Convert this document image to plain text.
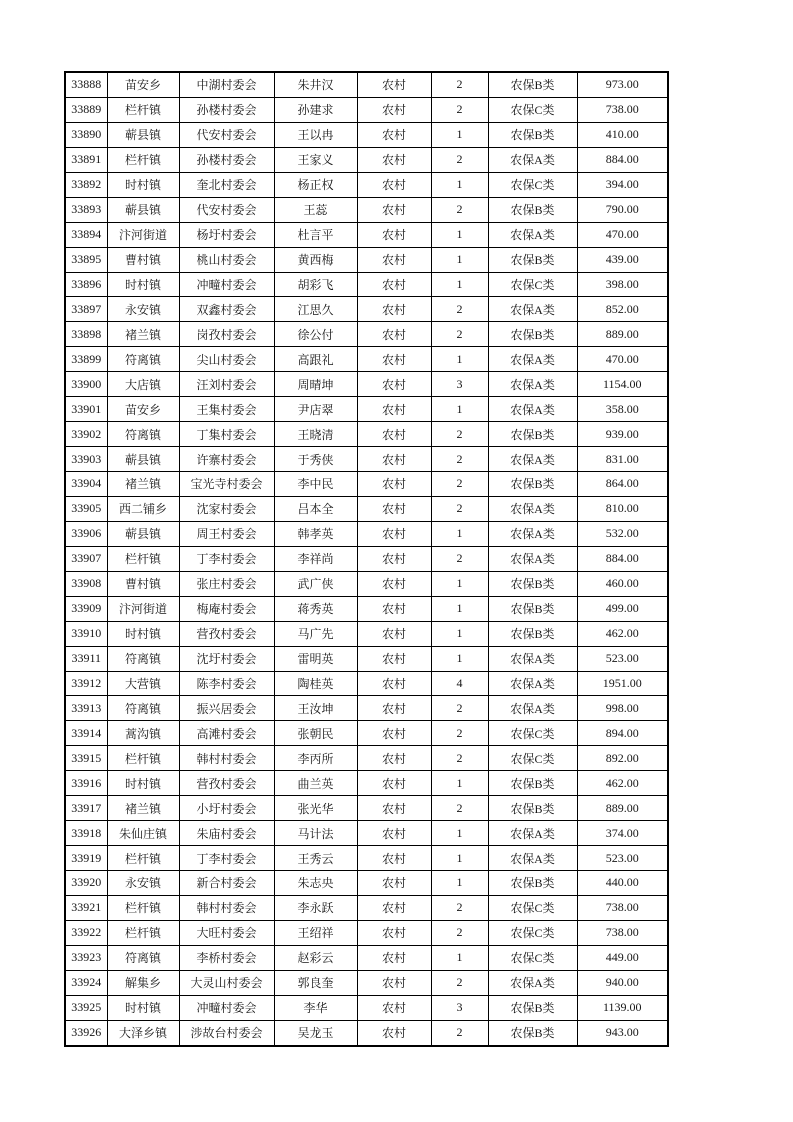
33888	苗安乡	中湖村委会	朱井汉	农村	2	农保B类	973.00
33889	栏杆镇	孙楼村委会	孙建求	农村	2	农保C类	738.00
33890	蕲县镇	代安村委会	王以冉	农村	1	农保B类	410.00
33891	栏杆镇	孙楼村委会	王家义	农村	2	农保A类	884.00
33892	时村镇	奎北村委会	杨正权	农村	1	农保C类	394.00
33893	蕲县镇	代安村委会	王蕊	农村	2	农保B类	790.00
33894	汴河街道	杨圩村委会	杜言平	农村	1	农保A类	470.00
33895	曹村镇	桃山村委会	黄西梅	农村	1	农保B类	439.00
33896	时村镇	冲疃村委会	胡彩飞	农村	1	农保C类	398.00
33897	永安镇	双鑫村委会	江思久	农村	2	农保A类	852.00
33898	褚兰镇	岗孜村委会	徐公付	农村	2	农保B类	889.00
33899	符离镇	尖山村委会	高跟礼	农村	1	农保A类	470.00
33900	大店镇	汪刘村委会	周晴坤	农村	3	农保A类	1154.00
33901	苗安乡	王集村委会	尹店翠	农村	1	农保A类	358.00
33902	符离镇	丁集村委会	王晓清	农村	2	农保B类	939.00
33903	蕲县镇	许寨村委会	于秀侠	农村	2	农保A类	831.00
33904	褚兰镇	宝光寺村委会	李中民	农村	2	农保B类	864.00
33905	西二铺乡	沈家村委会	吕本全	农村	2	农保A类	810.00
33906	蕲县镇	周王村委会	韩孝英	农村	1	农保A类	532.00
33907	栏杆镇	丁李村委会	李祥尚	农村	2	农保A类	884.00
33908	曹村镇	张庄村委会	武广侠	农村	1	农保B类	460.00
33909	汴河街道	梅庵村委会	蒋秀英	农村	1	农保B类	499.00
33910	时村镇	营孜村委会	马广先	农村	1	农保B类	462.00
33911	符离镇	沈圩村委会	雷明英	农村	1	农保A类	523.00
33912	大营镇	陈李村委会	陶桂英	农村	4	农保A类	1951.00
33913	符离镇	振兴居委会	王汝坤	农村	2	农保A类	998.00
33914	蒿沟镇	高滩村委会	张朝民	农村	2	农保C类	894.00
33915	栏杆镇	韩村村委会	李丙所	农村	2	农保C类	892.00
33916	时村镇	营孜村委会	曲兰英	农村	1	农保B类	462.00
33917	褚兰镇	小圩村委会	张光华	农村	2	农保B类	889.00
33918	朱仙庄镇	朱庙村委会	马计法	农村	1	农保A类	374.00
33919	栏杆镇	丁李村委会	王秀云	农村	1	农保A类	523.00
33920	永安镇	新合村委会	朱志央	农村	1	农保B类	440.00
33921	栏杆镇	韩村村委会	李永跃	农村	2	农保C类	738.00
33922	栏杆镇	大旺村委会	王绍祥	农村	2	农保C类	738.00
33923	符离镇	李桥村委会	赵彩云	农村	1	农保C类	449.00
33924	解集乡	大灵山村委会	郭良奎	农村	2	农保A类	940.00
33925	时村镇	冲疃村委会	李华	农村	3	农保B类	1139.00
33926	大泽乡镇	涉故台村委会	吴龙玉	农村	2	农保B类	943.00
